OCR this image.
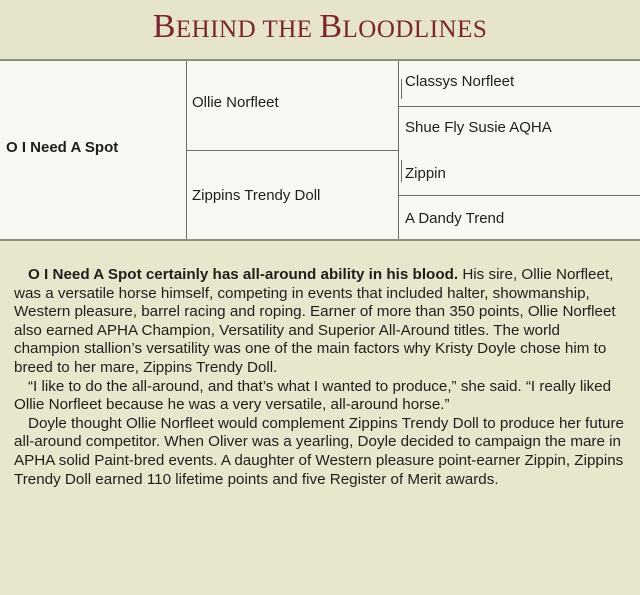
BEHIND THE BLOODLINES
O I Need A Spot
Ollie Norfleet
Zippins Trendy Doll
Classys Norfleet
Shue Fly Susie AQHA
Zippin
A Dandy Trend

O I Need A Spot certainly has all-around ability in his blood. His sire, Ollie Norfleet, was a versatile horse himself, competing in events that included halter, showmanship, Western pleasure, barrel racing and roping. Earner of more than 350 points, Ollie Norfleet also earned APHA Champion, Versatility and Superior All-Around titles. The world champion stallion’s versatility was one of the main factors why Kristy Doyle chose him to breed to her mare, Zippins Trendy Doll.

“I like to do the all-around, and that’s what I wanted to produce,” she said. “I really liked Ollie Norfleet because he was a very versatile, all-around horse.”

Doyle thought Ollie Norfleet would complement Zippins Trendy Doll to produce her future all-around competitor. When Oliver was a yearling, Doyle decided to campaign the mare in APHA solid Paint-bred events. A daughter of Western pleasure point-earner Zippin, Zippins Trendy Doll earned 110 lifetime points and five Register of Merit awards.
